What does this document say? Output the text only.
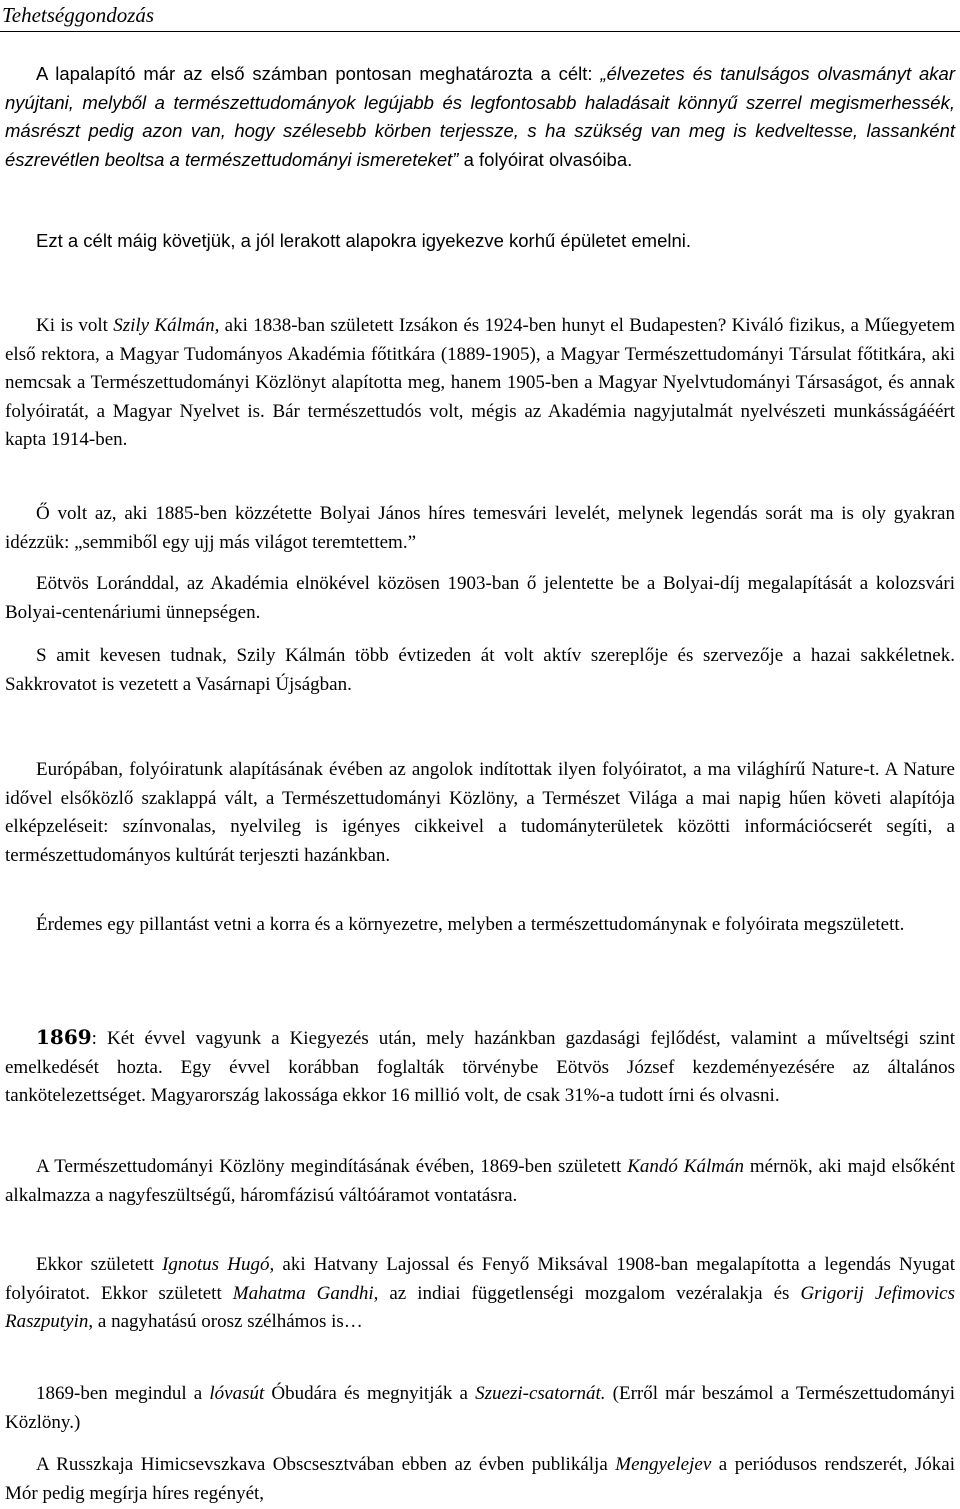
Tehetséggondozás

A lapalapító már az első számban pontosan meghatározta a célt: „élvezetes és tanulságos olvasmányt akar nyújtani, melyből a természettudományok legújabb és legfontosabb haladásait könnyű szerrel megismerhessék, másrészt pedig azon van, hogy szélesebb körben terjessze, s ha szükség van meg is kedveltesse, lassanként észrevétlen beoltsa a természettudományi ismereteket” a folyóirat olvasóiba.

Ezt a célt máig követjük, a jól lerakott alapokra igyekezve korhű épületet emelni.

Ki is volt Szily Kálmán, aki 1838-ban született Izsákon és 1924-ben hunyt el Budapesten? Kiváló fizikus, a Műegyetem első rektora, a Magyar Tudományos Akadémia főtitkára (1889-1905), a Magyar Természettudományi Társulat főtitkára, aki nemcsak a Természettudományi Közlönyt alapította meg, hanem 1905-ben a Magyar Nyelvtudományi Társaságot, és annak folyóiratát, a Magyar Nyelvet is. Bár természettudós volt, mégis az Akadémia nagyjutalmát nyelvészeti munkásságáéért kapta 1914-ben.

Ő volt az, aki 1885-ben közzétette Bolyai János híres temesvári levelét, melynek legendás sorát ma is oly gyakran idézzük: „semmiből egy ujj más világot teremtettem.”

Eötvös Loránddal, az Akadémia elnökével közösen 1903-ban ő jelentette be a Bolyai-díj megalapítását a kolozsvári Bolyai-centenáriumi ünnepségen.

S amit kevesen tudnak, Szily Kálmán több évtizeden át volt aktív szereplője és szervezője a hazai sakkéletnek. Sakkrovatot is vezetett a Vasárnapi Újságban.

Európában, folyóiratunk alapításának évében az angolok indítottak ilyen folyóiratot, a ma világhírű Nature-t. A Nature idővel elsőközlő szaklappá vált, a Természettudományi Közlöny, a Természet Világa a mai napig hűen követi alapítója elképzeléseit: színvonalas, nyelvileg is igényes cikkeivel a tudományterületek közötti információcserét segíti, a természettudományos kultúrát terjeszti hazánkban.

Érdemes egy pillantást vetni a korra és a környezetre, melyben a természettudománynak e folyóirata megszületett.

1869: Két évvel vagyunk a Kiegyezés után, mely hazánkban gazdasági fejlődést, valamint a műveltségi szint emelkedését hozta. Egy évvel korábban foglalták törvénybe Eötvös József kezdeményezésére az általános tankötelezettséget. Magyarország lakossága ekkor 16 millió volt, de csak 31%-a tudott írni és olvasni.

A Természettudományi Közlöny megindításának évében, 1869-ben született Kandó Kálmán mérnök, aki majd elsőként alkalmazza a nagyfeszültségű, háromfázisú váltóáramot vontatásra.

Ekkor született Ignotus Hugó, aki Hatvany Lajossal és Fenyő Miksával 1908-ban megalapította a legendás Nyugat folyóiratot. Ekkor született Mahatma Gandhi, az indiai függetlenségi mozgalom vezéralakja és Grigorij Jefimovics Raszputyin, a nagyhatású orosz szélhámos is…

1869-ben megindul a lóvasút Óbudára és megnyitják a Szuezi-csatornát. (Erről már beszámol a Természettudományi Közlöny.)

A Russzkaja Himicsevszkava Obscsesztvában ebben az évben publikálja Mengyelejev a periódusos rendszerét, Jókai Mór pedig megírja híres regényét,
